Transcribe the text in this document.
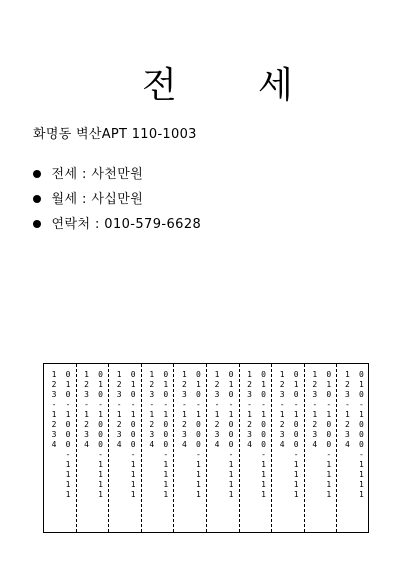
전 세
화명동 벽산APT 110-1003
전세 : 사천만원
월세 : 사십만원
연락처 : 010-579-6628
1
2
3
-
1
2
3
4

0
1
0
-
1
0
0
0
-
1
1
1
1
1
2
3
-
1
2
3
4

0
1
0
-
1
0
0
0
-
1
1
1
1
1
2
3
-
1
2
3
4

0
1
0
-
1
0
0
0
-
1
1
1
1
1
2
3
-
1
2
3
4

0
1
0
-
1
0
0
0
-
1
1
1
1
1
2
3
-
1
2
3
4

0
1
0
-
1
0
0
0
-
1
1
1
1
1
2
3
-
1
2
3
4

0
1
0
-
1
0
0
0
-
1
1
1
1
1
2
3
-
1
2
3
4

0
1
0
-
1
0
0
0
-
1
1
1
1
1
2
3
-
1
2
3
4

0
1
0
-
1
0
0
0
-
1
1
1
1
1
2
3
-
1
2
3
4

0
1
0
-
1
0
0
0
-
1
1
1
1
1
2
3
-
1
2
3
4

0
1
0
-
1
0
0
0
-
1
1
1
1
